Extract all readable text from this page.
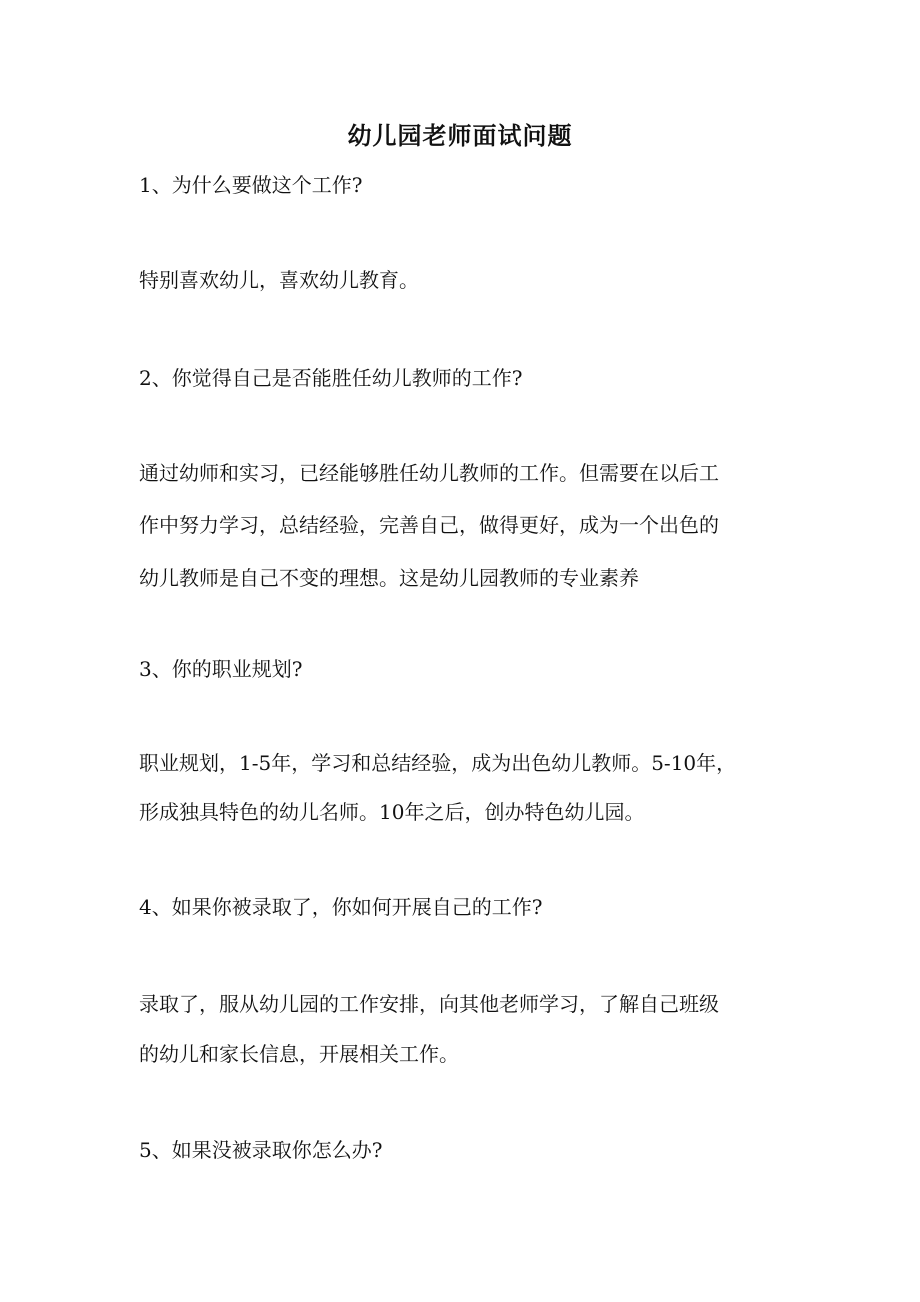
幼儿园老师面试问题
1、为什么要做这个工作?
特别喜欢幼儿，喜欢幼儿教育。
2、你觉得自己是否能胜任幼儿教师的工作?
通过幼师和实习，已经能够胜任幼儿教师的工作。但需要在以后工
作中努力学习，总结经验，完善自己，做得更好，成为一个出色的
幼儿教师是自己不变的理想。这是幼儿园教师的专业素养
3、你的职业规划?
职业规划，1-5年，学习和总结经验，成为出色幼儿教师。5-10年，
形成独具特色的幼儿名师。10年之后，创办特色幼儿园。
4、如果你被录取了，你如何开展自己的工作?
录取了，服从幼儿园的工作安排，向其他老师学习，了解自己班级
的幼儿和家长信息，开展相关工作。
5、如果没被录取你怎么办?
